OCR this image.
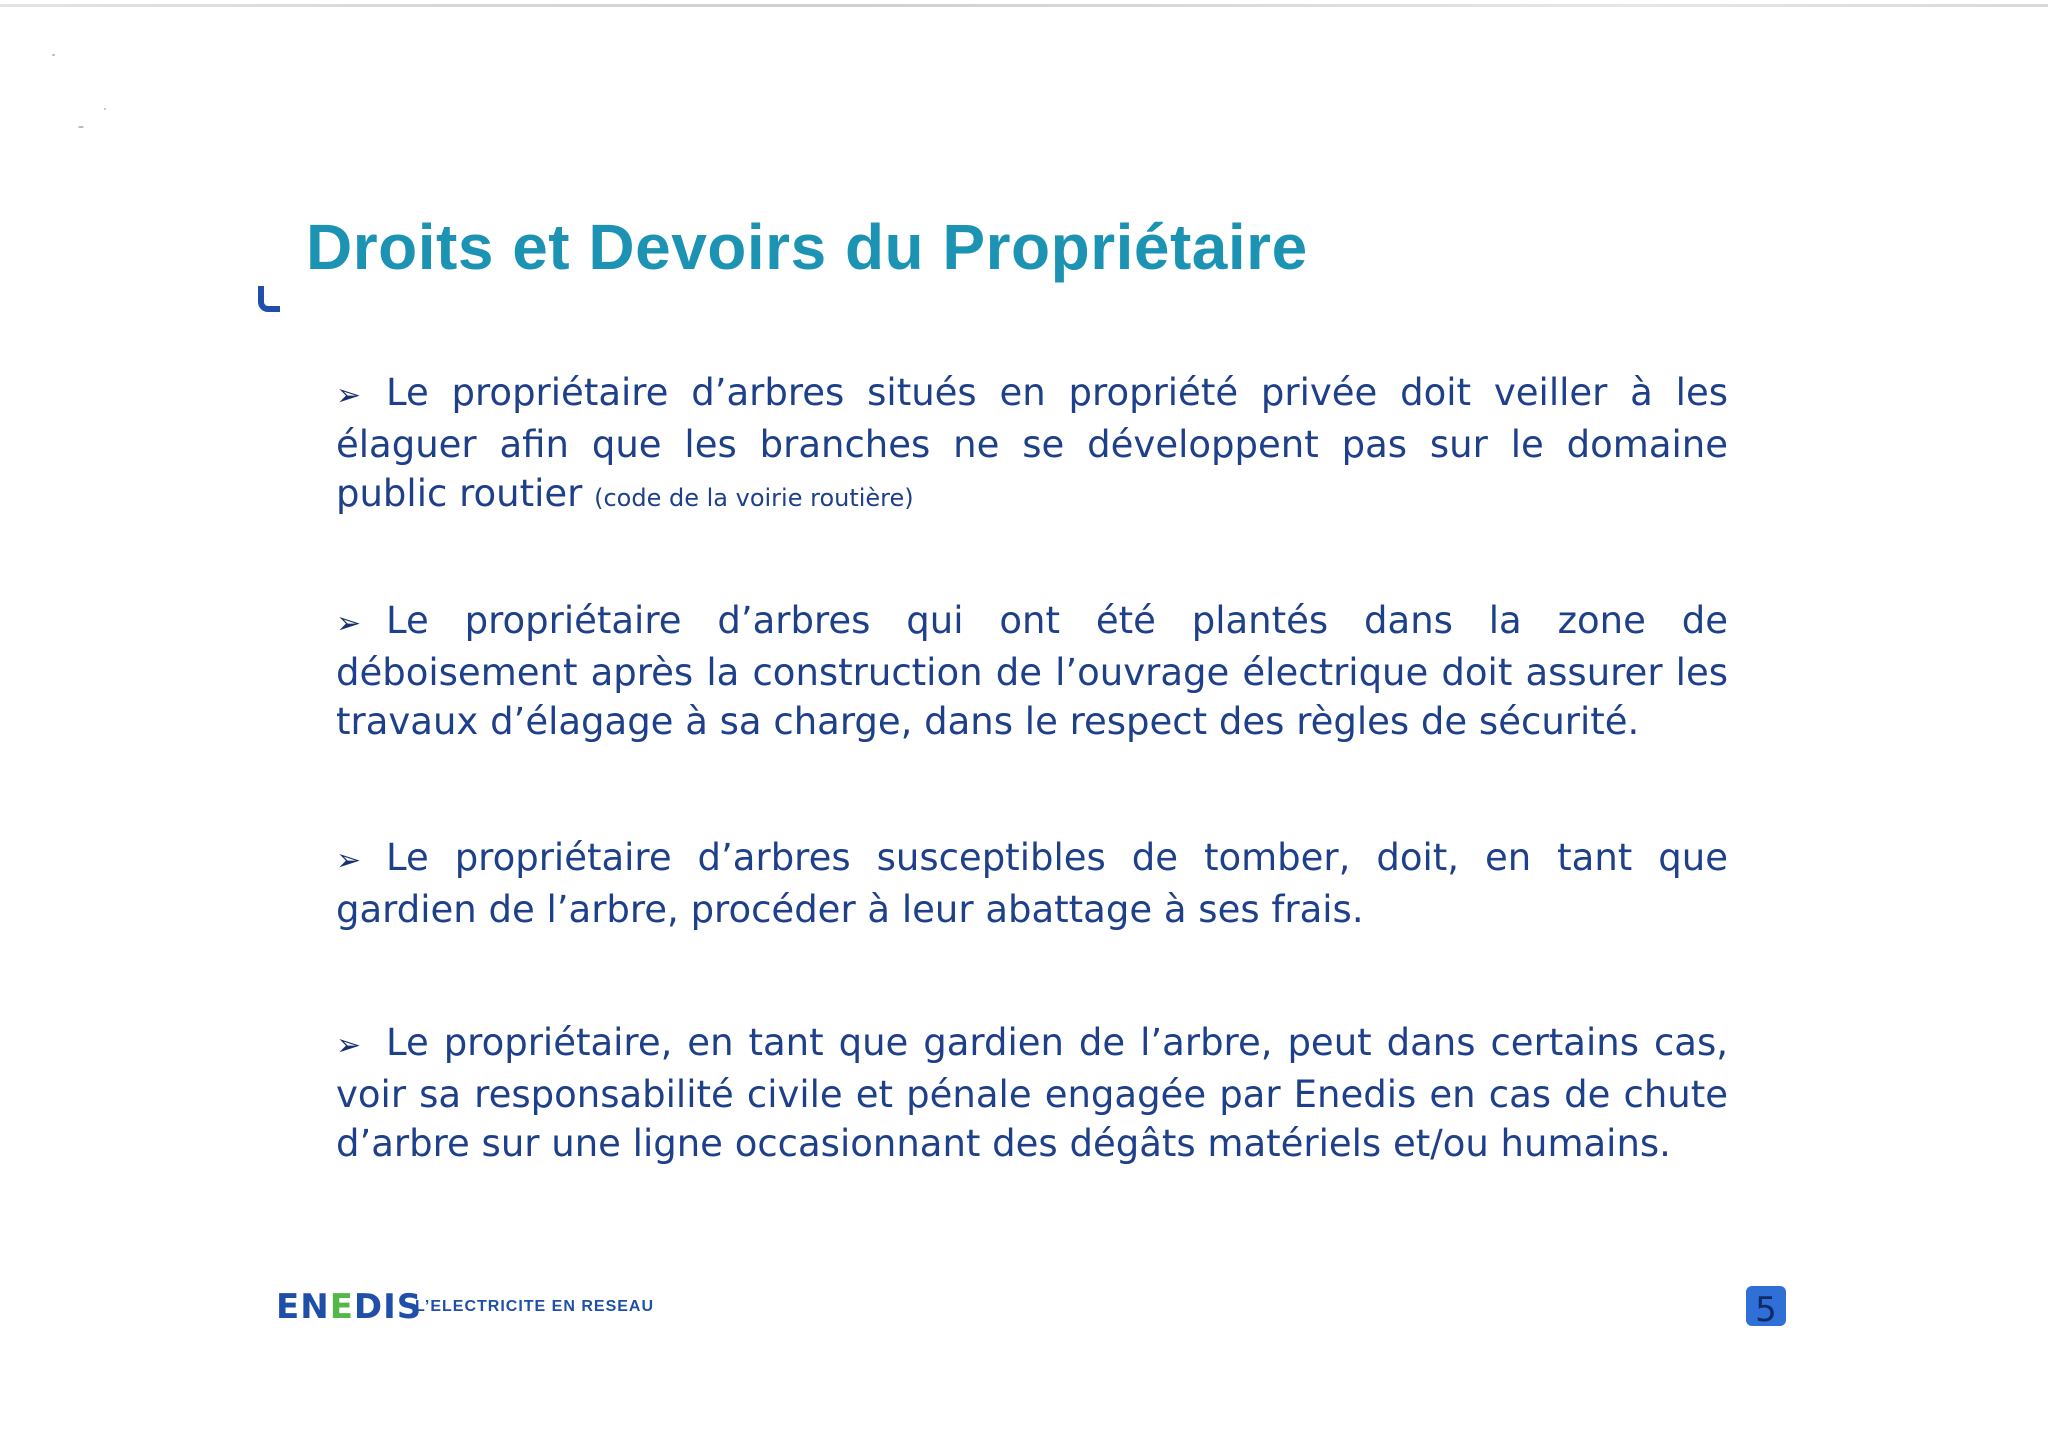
Droits et Devoirs du Propriétaire
➢ Le propriétaire d’arbres situés en propriété privée doit veiller à les élaguer afin que les branches ne se développent pas sur le domaine public routier (code de la voirie routière)
➢ Le propriétaire d’arbres qui ont été plantés dans la zone de déboisement après la construction de l’ouvrage électrique doit assurer les travaux d’élagage à sa charge, dans le respect des règles de sécurité.
➢ Le propriétaire d’arbres susceptibles de tomber, doit, en tant que gardien de l’arbre, procéder à leur abattage à ses frais.
➢ Le propriétaire, en tant que gardien de l’arbre, peut dans certains cas, voir sa responsabilité civile et pénale engagée par Enedis en cas de chute d’arbre sur une ligne occasionnant des dégâts matériels et/ou humains.
ENEDIS
L’ELECTRICITE EN RESEAU	5
